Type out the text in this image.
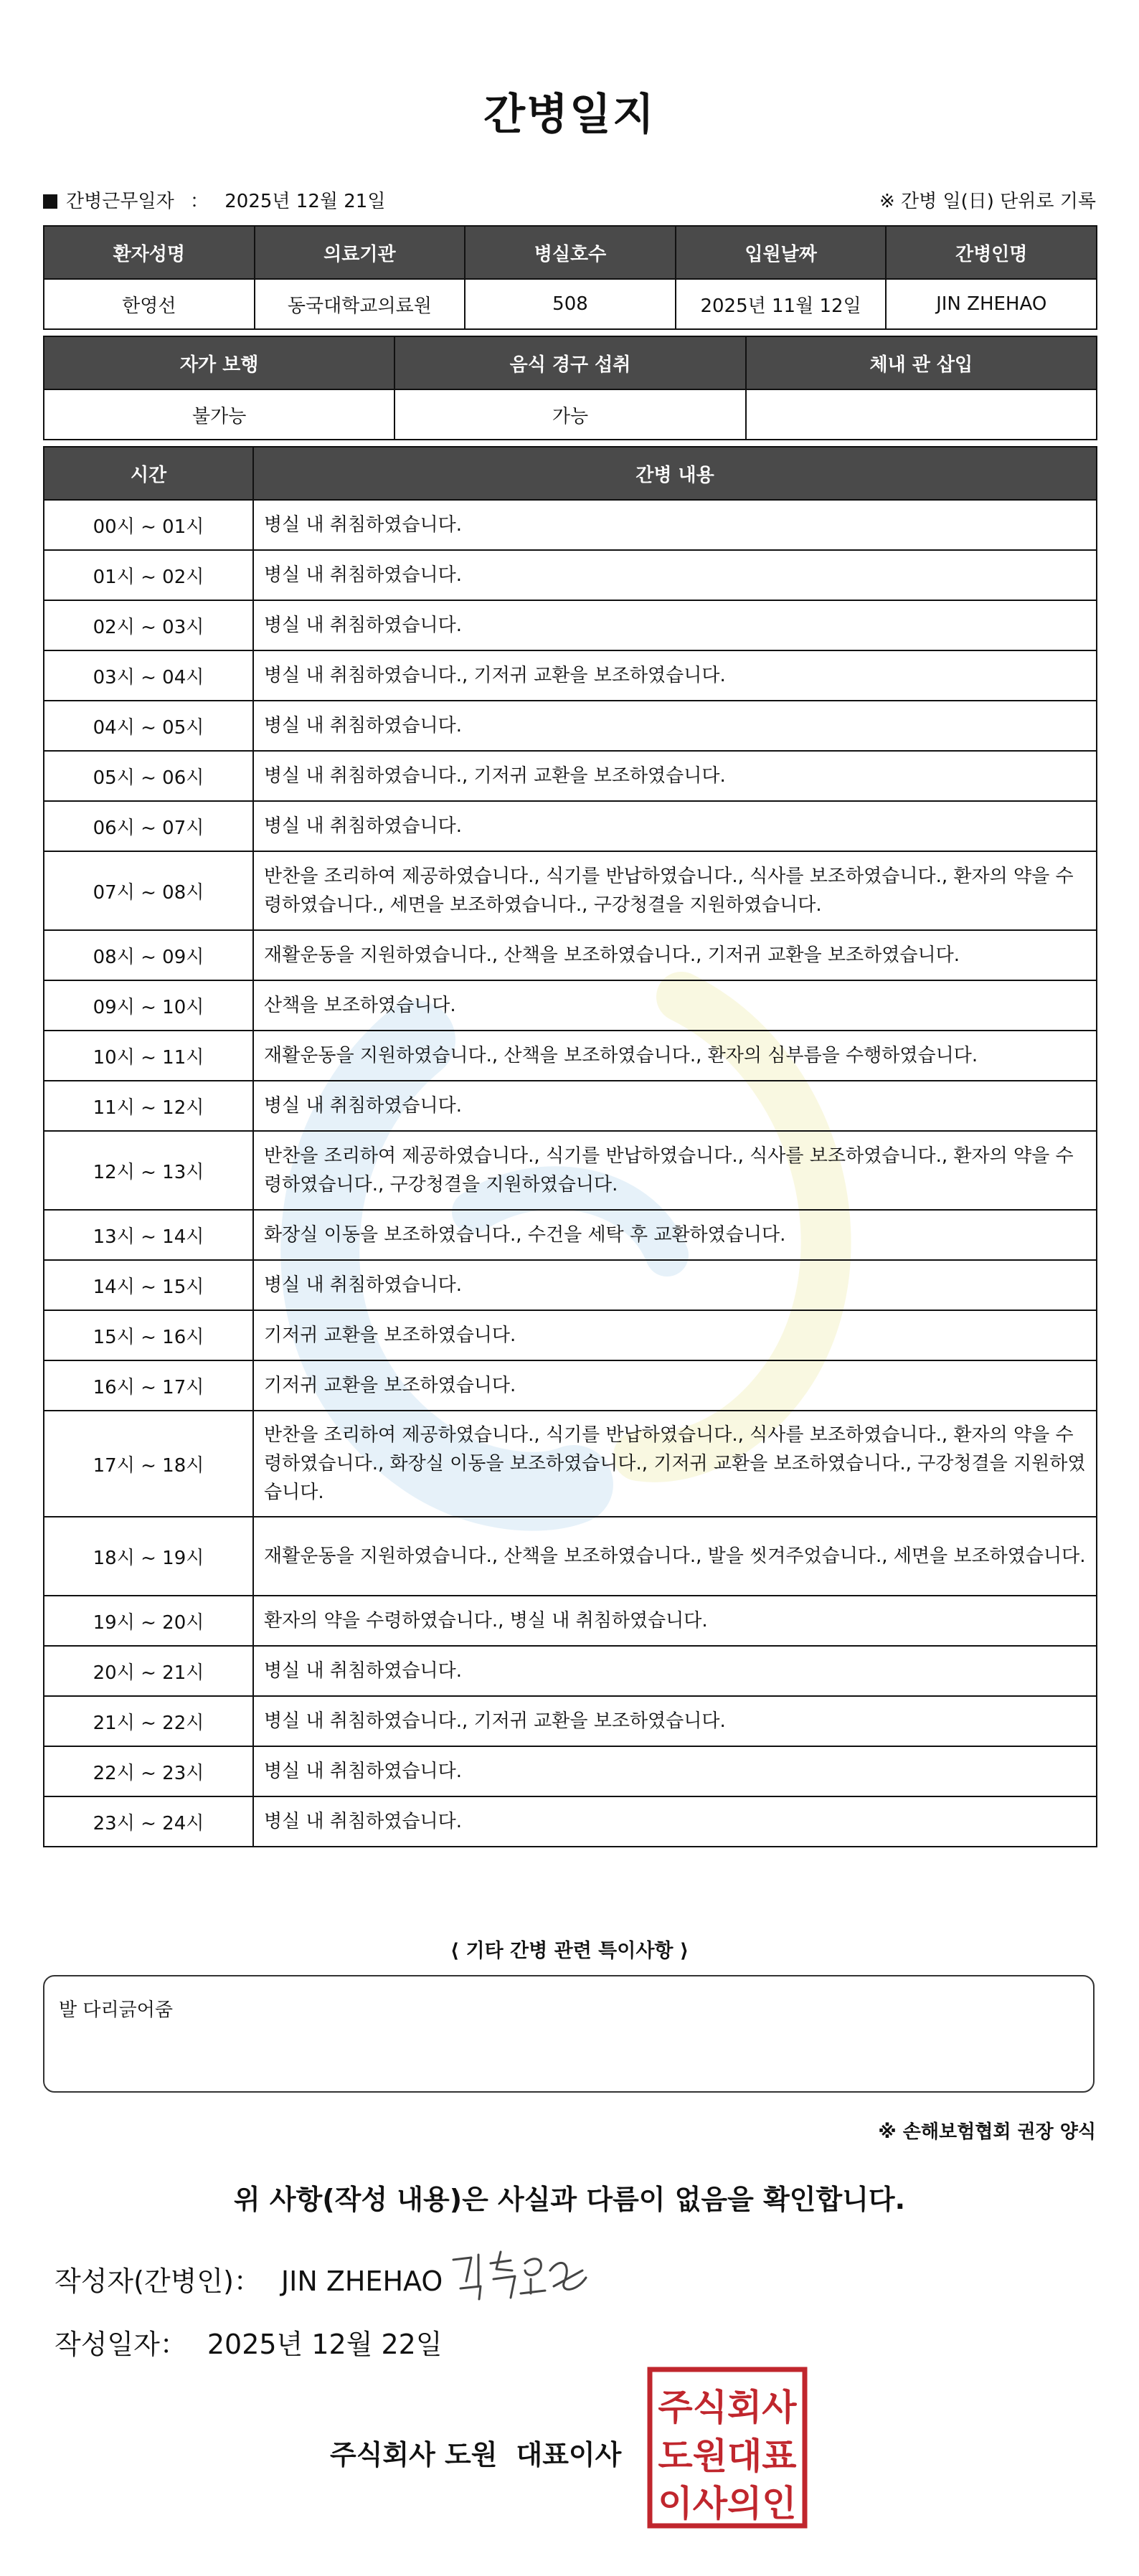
간병일지
간병근무일자 ： 2025년 12월 21일	※ 간병 일(日) 단위로 기록
환자성명	의료기관	병실호수	입원날짜	간병인명
한영선	동국대학교의료원	508	2025년 11월 12일	JIN ZHEHAO
자가 보행	음식 경구 섭취	체내 관 삽입
불가능	가능	
시간	간병 내용
00시 ~ 01시	병실 내 취침하였습니다.
01시 ~ 02시	병실 내 취침하였습니다.
02시 ~ 03시	병실 내 취침하였습니다.
03시 ~ 04시	병실 내 취침하였습니다., 기저귀 교환을 보조하였습니다.
04시 ~ 05시	병실 내 취침하였습니다.
05시 ~ 06시	병실 내 취침하였습니다., 기저귀 교환을 보조하였습니다.
06시 ~ 07시	병실 내 취침하였습니다.
07시 ~ 08시	반찬을 조리하여 제공하였습니다., 식기를 반납하였습니다., 식사를 보조하였습니다., 환자의 약을 수령하였습니다., 세면을 보조하였습니다., 구강청결을 지원하였습니다.
08시 ~ 09시	재활운동을 지원하였습니다., 산책을 보조하였습니다., 기저귀 교환을 보조하였습니다.
09시 ~ 10시	산책을 보조하였습니다.
10시 ~ 11시	재활운동을 지원하였습니다., 산책을 보조하였습니다., 환자의 심부름을 수행하였습니다.
11시 ~ 12시	병실 내 취침하였습니다.
12시 ~ 13시	반찬을 조리하여 제공하였습니다., 식기를 반납하였습니다., 식사를 보조하였습니다., 환자의 약을 수령하였습니다., 구강청결을 지원하였습니다.
13시 ~ 14시	화장실 이동을 보조하였습니다., 수건을 세탁 후 교환하였습니다.
14시 ~ 15시	병실 내 취침하였습니다.
15시 ~ 16시	기저귀 교환을 보조하였습니다.
16시 ~ 17시	기저귀 교환을 보조하였습니다.
17시 ~ 18시	반찬을 조리하여 제공하였습니다., 식기를 반납하였습니다., 식사를 보조하였습니다., 환자의 약을 수령하였습니다., 화장실 이동을 보조하였습니다., 기저귀 교환을 보조하였습니다., 구강청결을 지원하였습니다.
18시 ~ 19시	재활운동을 지원하였습니다., 산책을 보조하였습니다., 발을 씻겨주었습니다., 세면을 보조하였습니다.
19시 ~ 20시	환자의 약을 수령하였습니다., 병실 내 취침하였습니다.
20시 ~ 21시	병실 내 취침하였습니다.
21시 ~ 22시	병실 내 취침하였습니다., 기저귀 교환을 보조하였습니다.
22시 ~ 23시	병실 내 취침하였습니다.
23시 ~ 24시	병실 내 취침하였습니다.
⟨ 기타 간병 관련 특이사항 ⟩
발 다리긁어줌
※ 손해보험협회 권장 양식
위 사항(작성 내용)은 사실과 다름이 없음을 확인합니다.
작성자(간병인)： JIN ZHEHAO
작성일자： 2025년 12월 22일
주식회사 도원 대표이사
주식회사
도원대표
이사의인
